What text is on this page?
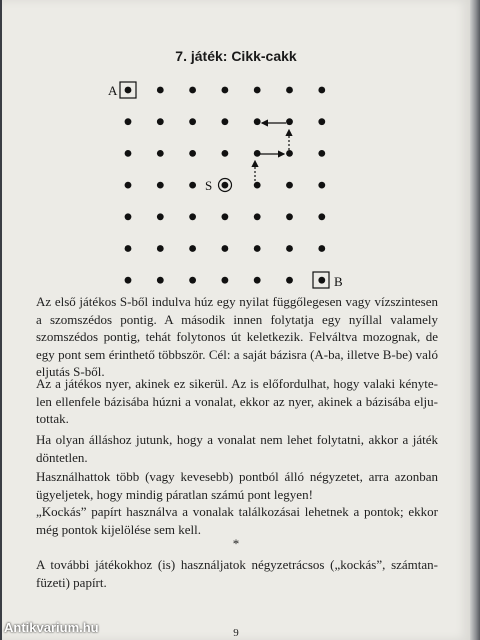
7. játék: Cikk-cakk
A
B
S

Az első játékos S-ből indulva húz egy nyilat függőlegesen vagy vízszintesen a szomszédos pontig. A második innen folytatja egy nyíllal valamely szomszédos pontig, tehát folytonos út keletkezik. Felváltva mozognak, de egy pont sem érinthető többször. Cél: a saját bázisra (A-ba, illetve B-be) való eljutás S-ből.

Az a játékos nyer, akinek ez sikerül. Az is előfordulhat, hogy valaki kényte-len ellenfele bázisába húzni a vonalat, ekkor az nyer, akinek a bázisába elju-tottak.

Ha olyan álláshoz jutunk, hogy a vonalat nem lehet folytatni, akkor a játék döntetlen.

Használhattok több (vagy kevesebb) pontból álló négyzetet, arra azonban ügyeljetek, hogy mindig páratlan számú pont legyen!

„Kockás” papírt használva a vonalak találkozásai lehetnek a pontok; ekkor még pontok kijelölése sem kell.

*

A további játékokhoz (is) használjatok négyzetrácsos („kockás”, számtan-füzeti) papírt.

9
Antikvarium.hu
